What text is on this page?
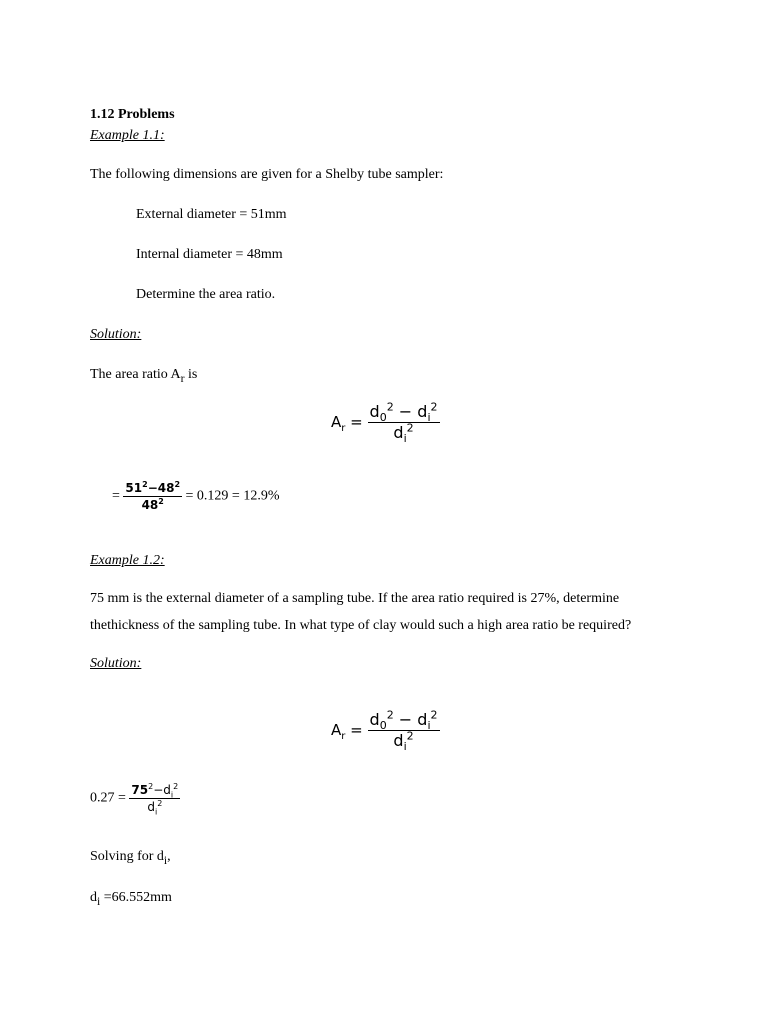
1.12 Problems
Example 1.1:
The following dimensions are given for a Shelby tube sampler:
External diameter = 51mm
Internal diameter = 48mm
Determine the area ratio.
Solution:
The area ratio $A_r$ is
$A_r = \frac{d_0^2 - d_i^2}{d_i^2}$
= $\frac{51^2-48^2}{48^2} = 0.129 = 12.9\%$
Example 1.2:
75 mm is the external diameter of a sampling tube. If the area ratio required is 27%, determine
thethickness of the sampling tube. In what type of clay would such a high area ratio be required?
Solution:
$A_r = \frac{d_0^2 - d_i^2}{d_i^2}$
$0.27 = \frac{75^2-d_i^2}{d_i^2}$
Solving for $d_i$,
$d_i =66.552mm$
